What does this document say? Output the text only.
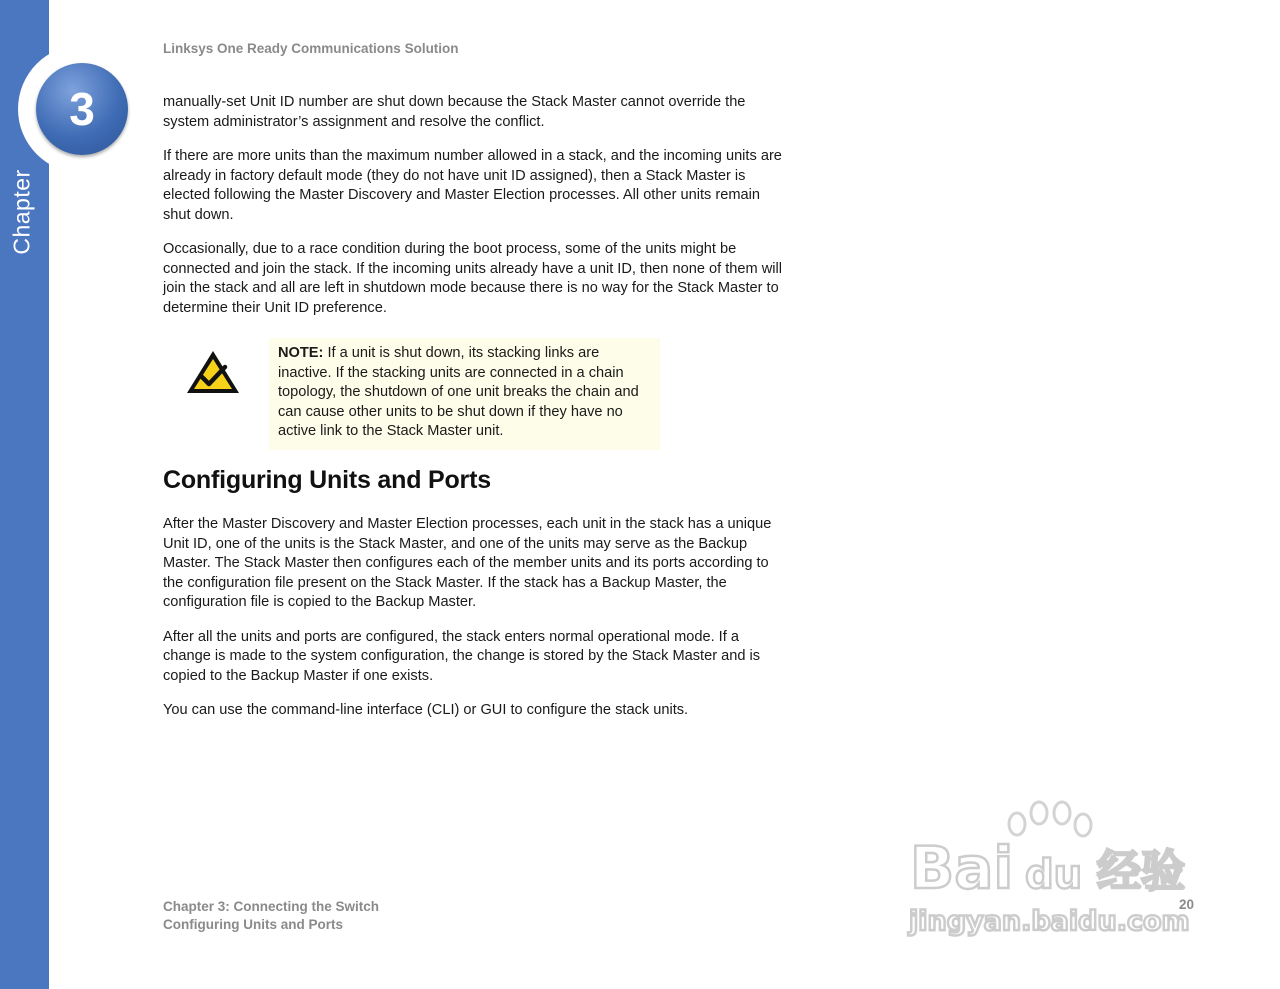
Chapter
3
Linksys One Ready Communications Solution

manually-set Unit ID number are shut down because the Stack Master cannot override the system administrator’s assignment and resolve the conflict.

If there are more units than the maximum number allowed in a stack, and the incoming units are already in factory default mode (they do not have unit ID assigned), then a Stack Master is elected following the Master Discovery and Master Election processes. All other units remain shut down.

Occasionally, due to a race condition during the boot process, some of the units might be connected and join the stack. If the incoming units already have a unit ID, then none of them will join the stack and all are left in shutdown mode because there is no way for the Stack Master to determine their Unit ID preference.

NOTE: If a unit is shut down, its stacking links are inactive. If the stacking units are connected in a chain topology, the shutdown of one unit breaks the chain and can cause other units to be shut down if they have no active link to the Stack Master unit.
Configuring Units and Ports

After the Master Discovery and Master Election processes, each unit in the stack has a unique Unit ID, one of the units is the Stack Master, and one of the units may serve as the Backup Master. The Stack Master then configures each of the member units and its ports according to the configuration file present on the Stack Master. If the stack has a Backup Master, the configuration file is copied to the Backup Master.

After all the units and ports are configured, the stack enters normal operational mode. If a change is made to the system configuration, the change is stored by the Stack Master and is copied to the Backup Master if one exists.

You can use the command-line interface (CLI) or GUI to configure the stack units.

Chapter 3: Connecting the Switch
Configuring Units and Ports
20
Bai du 经验
jingyan.baidu.com
